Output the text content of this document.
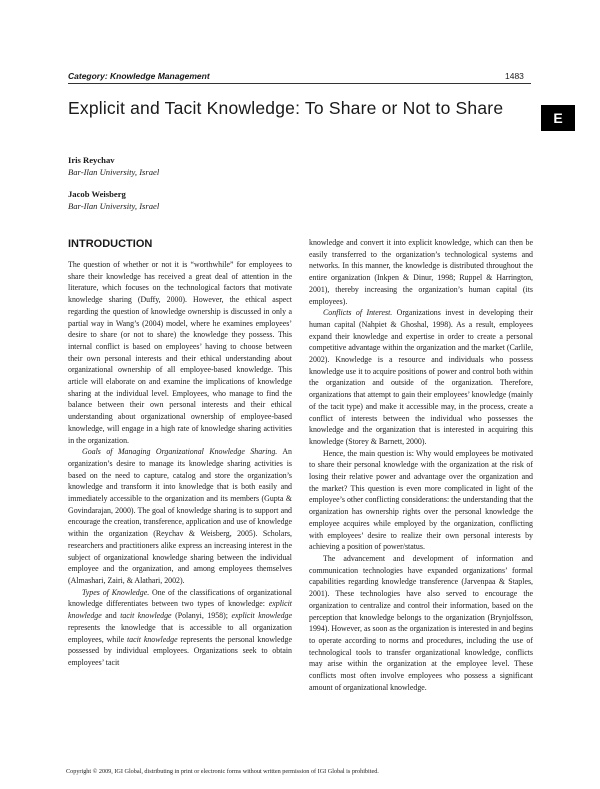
Category: Knowledge Management	1483
Explicit and Tacit Knowledge: To Share or Not to Share	E
Iris Reychav
Bar-Ilan University, Israel
Jacob Weisberg
Bar-Ilan University, Israel
INTRODUCTION

The question of whether or not it is “worthwhile” for employees to share their knowledge has received a great deal of attention in the literature, which focuses on the technological factors that motivate knowledge sharing (Duffy, 2000). However, the ethical aspect regarding the question of knowledge ownership is discussed in only a partial way in Wang’s (2004) model, where he examines employees’ desire to share (or not to share) the knowledge they possess. This internal conflict is based on employees’ having to choose between their own personal interests and their ethical understanding about organizational ownership of all employee-based knowledge. This article will elaborate on and examine the implications of knowledge sharing at the individual level. Employees, who manage to find the balance between their own personal interests and their ethical understanding about organizational ownership of employee-based knowledge, will engage in a high rate of knowledge sharing activities in the organization.

Goals of Managing Organizational Knowledge Sharing. An organization’s desire to manage its knowledge sharing activities is based on the need to capture, catalog and store the organization’s knowledge and transform it into knowledge that is both easily and immediately accessible to the organization and its members (Gupta & Govindarajan, 2000). The goal of knowledge sharing is to support and encourage the creation, transference, application and use of knowledge within the organization (Reychav & Weisberg, 2005). Scholars, researchers and practitioners alike express an increasing interest in the subject of organizational knowledge sharing between the individual employee and the organization, and among employees themselves (Almashari, Zairi, & Alathari, 2002).

Types of Knowledge. One of the classifications of organizational knowledge differentiates between two types of knowledge: explicit knowledge and tacit knowledge (Polanyi, 1958); explicit knowledge represents the knowledge that is accessible to all organization employees, while tacit knowledge represents the personal knowledge possessed by individual employees. Organizations seek to obtain employees’ tacit

knowledge and convert it into explicit knowledge, which can then be easily transferred to the organization’s technological systems and networks. In this manner, the knowledge is distributed throughout the entire organization (Inkpen & Dinur, 1998; Ruppel & Harrington, 2001), thereby increasing the organization’s human capital (its employees).

Conflicts of Interest. Organizations invest in developing their human capital (Nahpiet & Ghoshal, 1998). As a result, employees expand their knowledge and expertise in order to create a personal competitive advantage within the organization and the market (Carlile, 2002). Knowledge is a resource and individuals who possess knowledge use it to acquire positions of power and control both within the organization and outside of the organization. Therefore, organizations that attempt to gain their employees’ knowledge (mainly of the tacit type) and make it accessible may, in the process, create a conflict of interests between the individual who possesses the knowledge and the organization that is interested in acquiring this knowledge (Storey & Barnett, 2000).

Hence, the main question is: Why would employees be motivated to share their personal knowledge with the organization at the risk of losing their relative power and advantage over the organization and the market? This question is even more complicated in light of the employee’s other conflicting considerations: the understanding that the organization has ownership rights over the personal knowledge the employee acquires while employed by the organization, conflicting with employees’ desire to realize their own personal interests by achieving a position of power/status.

The advancement and development of information and communication technologies have expanded organizations’ formal capabilities regarding knowledge transference (Jarvenpaa & Staples, 2001). These technologies have also served to encourage the organization to centralize and control their information, based on the perception that knowledge belongs to the organization (Brynjolfsson, 1994). However, as soon as the organization is interested in and begins to operate according to norms and procedures, including the use of technological tools to transfer organizational knowledge, conflicts may arise within the organization at the employee level. These conflicts most often involve employees who possess a significant amount of organizational knowledge.

Copyright © 2009, IGI Global, distributing in print or electronic forms without written permission of IGI Global is prohibited.
